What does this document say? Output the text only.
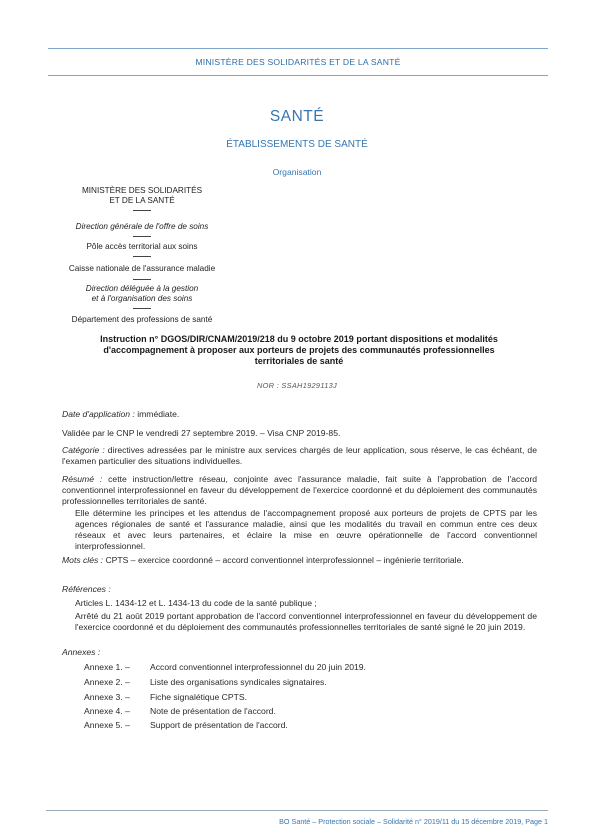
MINISTÈRE DES SOLIDARITÉS ET DE LA SANTÉ
SANTÉ
ÉTABLISSEMENTS DE SANTÉ
Organisation
MINISTÈRE DES SOLIDARITÉS
ET DE LA SANTÉ
Direction générale de l'offre de soins
Pôle accès territorial aux soins
Caisse nationale de l'assurance maladie
Direction déléguée à la gestion
et à l'organisation des soins
Département des professions de santé
Instruction n° DGOS/DIR/CNAM/2019/218 du 9 octobre 2019 portant dispositions et modalités
d'accompagnement à proposer aux porteurs de projets des communautés professionnelles
territoriales de santé
NOR : SSAH1929113J
Date d'application : immédiate.
Validée par le CNP le vendredi 27 septembre 2019. – Visa CNP 2019-85.
Catégorie : directives adressées par le ministre aux services chargés de leur application, sous réserve, le cas échéant, de l'examen particulier des situations individuelles.
Résumé : cette instruction/lettre réseau, conjointe avec l'assurance maladie, fait suite à l'approbation de l'accord conventionnel interprofessionnel en faveur du développement de l'exercice coordonné et du déploiement des communautés professionnelles territoriales de santé.
Elle détermine les principes et les attendus de l'accompagnement proposé aux porteurs de projets de CPTS par les agences régionales de santé et l'assurance maladie, ainsi que les modalités du travail en commun entre ces deux réseaux et avec leurs partenaires, et éclaire la mise en œuvre opérationnelle de l'accord conventionnel interprofessionnel.
Mots clés : CPTS – exercice coordonné – accord conventionnel interprofessionnel – ingénierie territoriale.
Références :
Articles L. 1434-12 et L. 1434-13 du code de la santé publique ;
Arrêté du 21 août 2019 portant approbation de l'accord conventionnel interprofessionnel en faveur du développement de l'exercice coordonné et du déploiement des communautés professionnelles territoriales de santé signé le 20 juin 2019.
Annexes :
Annexe 1. – Accord conventionnel interprofessionnel du 20 juin 2019.
Annexe 2. – Liste des organisations syndicales signataires.
Annexe 3. – Fiche signalétique CPTS.
Annexe 4. – Note de présentation de l'accord.
Annexe 5. – Support de présentation de l'accord.
BO Santé – Protection sociale – Solidarité n° 2019/11 du 15 décembre 2019, Page 1
